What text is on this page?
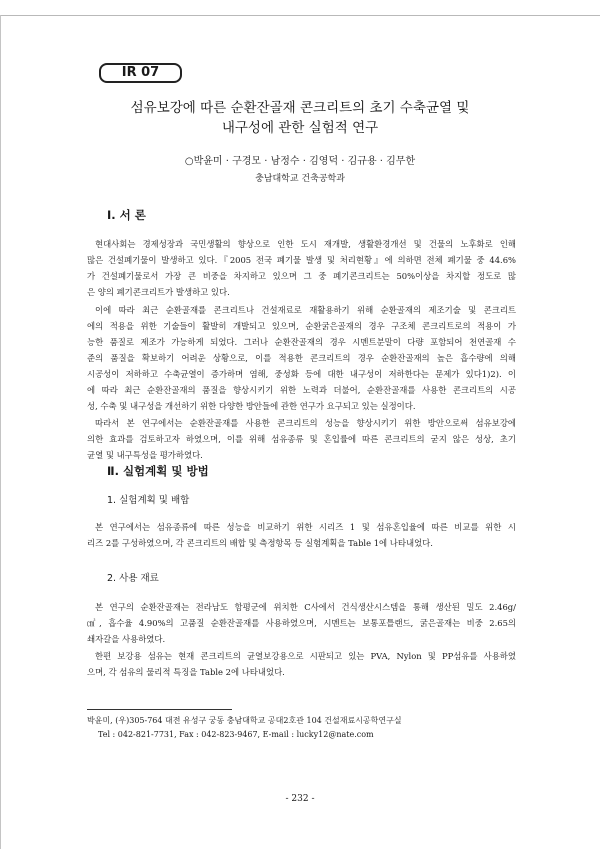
IR 07
섬유보강에 따른 순환잔골재 콘크리트의 초기 수축균열 및
내구성에 관한 실험적 연구
○박윤미 · 구경모 · 남정수 · 김영덕 · 김규용 · 김무한
충남대학교 건축공학과
Ⅰ. 서 론
현대사회는 경제성장과 국민생활의 향상으로 인한 도시 재개발, 생활환경개선 및 건물의 노후화로 인해
많은 건설폐기물이 발생하고 있다.『2005 전국 폐기물 발생 및 처리현황』에 의하면 전체 폐기물 중 44.6%
가 건설폐기물로서 가장 큰 비중을 차지하고 있으며 그 중 폐기콘크리트는 50%이상을 차지할 정도로 많
은 양의 폐기콘크리트가 발생하고 있다.
이에 따라 최근 순환골재를 콘크리트나 건설재료로 재활용하기 위해 순환골재의 제조기술 및 콘크리트
에의 적용을 위한 기술들이 활발히 개발되고 있으며, 순환굵은골재의 경우 구조체 콘크리트로의 적용이 가
능한 품질로 제조가 가능하게 되었다. 그러나 순환잔골재의 경우 시멘트분말이 다량 포함되어 천연골재 수
준의 품질을 확보하기 어려운 상황으로, 이를 적용한 콘크리트의 경우 순환잔골재의 높은 흡수량에 의해
시공성이 저하하고 수축균열이 증가하며 염해, 중성화 등에 대한 내구성이 저하한다는 문제가 있다1)2). 이
에 따라 최근 순환잔골재의 품질을 향상시키기 위한 노력과 더불어, 순환잔골재를 사용한 콘크리트의 시공
성, 수축 및 내구성을 개선하기 위한 다양한 방안들에 관한 연구가 요구되고 있는 실정이다.
따라서 본 연구에서는 순환잔골재를 사용한 콘크리트의 성능을 향상시키기 위한 방안으로써 섬유보강에
의한 효과를 검토하고자 하였으며, 이를 위해 섬유종류 및 혼입률에 따른 콘크리트의 굳지 않은 성상, 초기
균열 및 내구특성을 평가하였다.
Ⅱ. 실험계획 및 방법
1. 실험계획 및 배합
본 연구에서는 섬유종류에 따른 성능을 비교하기 위한 시리즈 1 및 섬유혼입율에 따른 비교를 위한 시
리즈 2를 구성하였으며, 각 콘크리트의 배합 및 측정항목 등 실험계획을 Table 1에 나타내었다.
2. 사용 재료
본 연구의 순환잔골재는 전라남도 함평군에 위치한 C사에서 건식생산시스템을 통해 생산된 밀도 2.46g/
㎤, 흡수율 4.90%의 고품질 순환잔골재를 사용하였으며, 시멘트는 보통포틀랜드, 굵은골재는 비중 2.65의
쇄자갈을 사용하였다.
한편 보강용 섬유는 현재 콘크리트의 균열보강용으로 시판되고 있는 PVA, Nylon 및 PP섬유를 사용하였
으며, 각 섬유의 물리적 특징을 Table 2에 나타내었다.
박윤미, (우)305-764 대전 유성구 궁동 충남대학교 공대2호관 104 건설재료시공학연구실
Tel : 042-821-7731, Fax : 042-823-9467, E-mail : lucky12@nate.com
- 232 -
